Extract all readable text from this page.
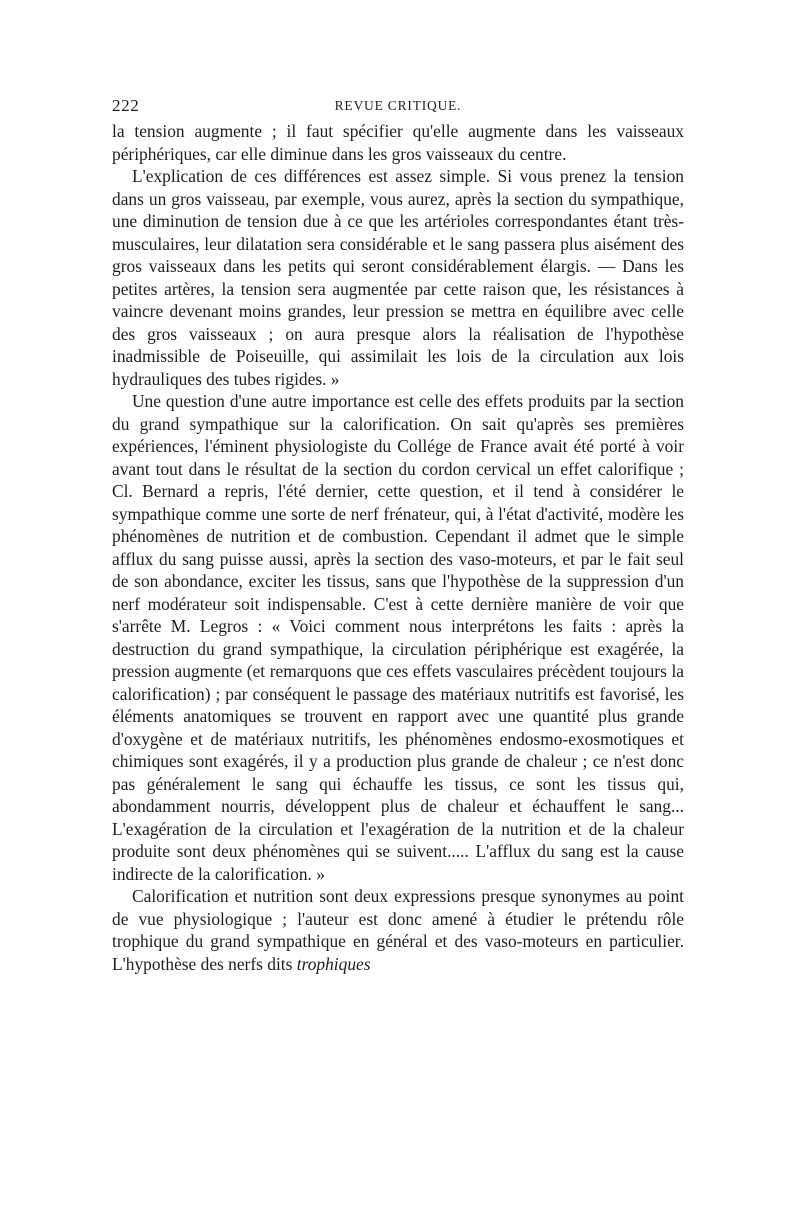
222	REVUE CRITIQUE.

la tension augmente ; il faut spécifier qu'elle augmente dans les vaisseaux périphériques, car elle diminue dans les gros vaisseaux du centre.

L'explication de ces différences est assez simple. Si vous prenez la tension dans un gros vaisseau, par exemple, vous aurez, après la section du sympathique, une diminution de tension due à ce que les artérioles correspondantes étant très-musculaires, leur dilatation sera considérable et le sang passera plus aisément des gros vaisseaux dans les petits qui seront considérablement élargis. — Dans les petites artères, la tension sera augmentée par cette raison que, les résistances à vaincre devenant moins grandes, leur pression se mettra en équilibre avec celle des gros vaisseaux ; on aura presque alors la réalisation de l'hypothèse inadmissible de Poiseuille, qui assimilait les lois de la circulation aux lois hydrauliques des tubes rigides. »

Une question d'une autre importance est celle des effets produits par la section du grand sympathique sur la calorification. On sait qu'après ses premières expériences, l'éminent physiologiste du Collége de France avait été porté à voir avant tout dans le résultat de la section du cordon cervical un effet calorifique ; Cl. Bernard a repris, l'été dernier, cette question, et il tend à considérer le sympathique comme une sorte de nerf frénateur, qui, à l'état d'activité, modère les phénomènes de nutrition et de combustion. Cependant il admet que le simple afflux du sang puisse aussi, après la section des vaso-moteurs, et par le fait seul de son abondance, exciter les tissus, sans que l'hypothèse de la suppression d'un nerf modérateur soit indispensable. C'est à cette dernière manière de voir que s'arrête M. Legros : « Voici comment nous interprétons les faits : après la destruction du grand sympathique, la circulation périphérique est exagérée, la pression augmente (et remarquons que ces effets vasculaires précèdent toujours la calorification) ; par conséquent le passage des matériaux nutritifs est favorisé, les éléments anatomiques se trouvent en rapport avec une quantité plus grande d'oxygène et de matériaux nutritifs, les phénomènes endosmo-exosmotiques et chimiques sont exagérés, il y a production plus grande de chaleur ; ce n'est donc pas généralement le sang qui échauffe les tissus, ce sont les tissus qui, abondamment nourris, développent plus de chaleur et échauffent le sang... L'exagération de la circulation et l'exagération de la nutrition et de la chaleur produite sont deux phénomènes qui se suivent..... L'afflux du sang est la cause indirecte de la calorification. »

Calorification et nutrition sont deux expressions presque synonymes au point de vue physiologique ; l'auteur est donc amené à étudier le prétendu rôle trophique du grand sympathique en général et des vaso-moteurs en particulier. L'hypothèse des nerfs dits trophiques
